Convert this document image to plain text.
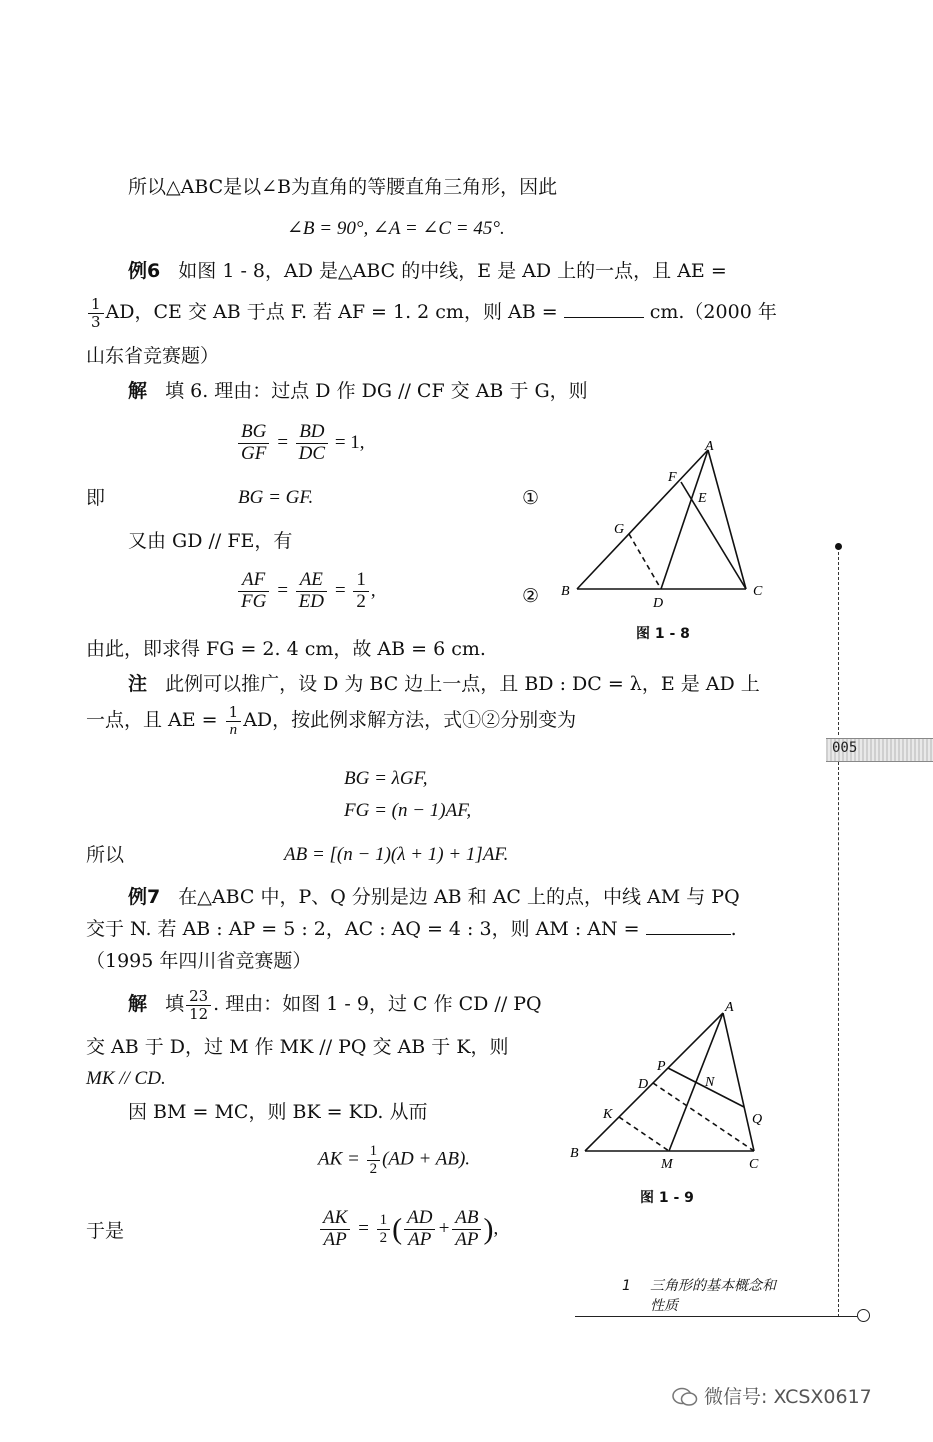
所以△ABC是以∠B为直角的等腰直角三角形，因此
∠B = 90°, ∠A = ∠C = 45°.
例6 如图 1 - 8，AD 是△ABC 的中线，E 是 AD 上的一点，且 AE =
$\frac{1}{3}$ AD，CE 交 AB 于点 F. 若 AF = 1. 2 cm，则 AB =	cm.（2000 年
山东省竞赛题）
解 填 6. 理由：过点 D 作 DG // CF 交 AB 于 G，则
$\frac{BG}{GF} = \frac{BD}{DC} = 1$,
即	BG = GF.	①
又由 GD // FE，有
$\frac{AF}{FG} = \frac{AE}{ED} = \frac{1}{2}$ ,	②
由此，即求得 FG = 2. 4 cm，故 AB = 6 cm.
A
B	C
D
E
F
G
图 1 - 8
注 此例可以推广，设 D 为 BC 边上一点，且 BD : DC = λ，E 是 AD 上
一点，且 AE = $\frac{1}{n}$ AD，按此例求解方法，式①②分别变为
BG = λGF,
FG = (n − 1)AF,
所以	AB = [(n − 1)(λ + 1) + 1]AF.
例7 在△ABC 中，P、Q 分别是边 AB 和 AC 上的点，中线 AM 与 PQ
交于 N. 若 AB : AP = 5 : 2，AC : AQ = 4 : 3，则 AM : AN =	.
（1995 年四川省竞赛题）
解 填 $\frac{23}{12}$ . 理由：如图 1 - 9，过 C 作 CD // PQ
交 AB 于 D，过 M 作 MK // PQ 交 AB 于 K，则
MK // CD.
因 BM = MC，则 BK = KD. 从而
AK = $\frac{1}{2} (AD + AB)$.
于是	$\frac{AK}{AP} = \frac{1}{2}$ ( $\frac{AD}{AP} + \frac{AB}{AP}$ ),
A
B
C
D
K
M
N
P
Q
图 1 - 9
005
1 三角形的基本概念和
性质
微信号: XCSX0617
